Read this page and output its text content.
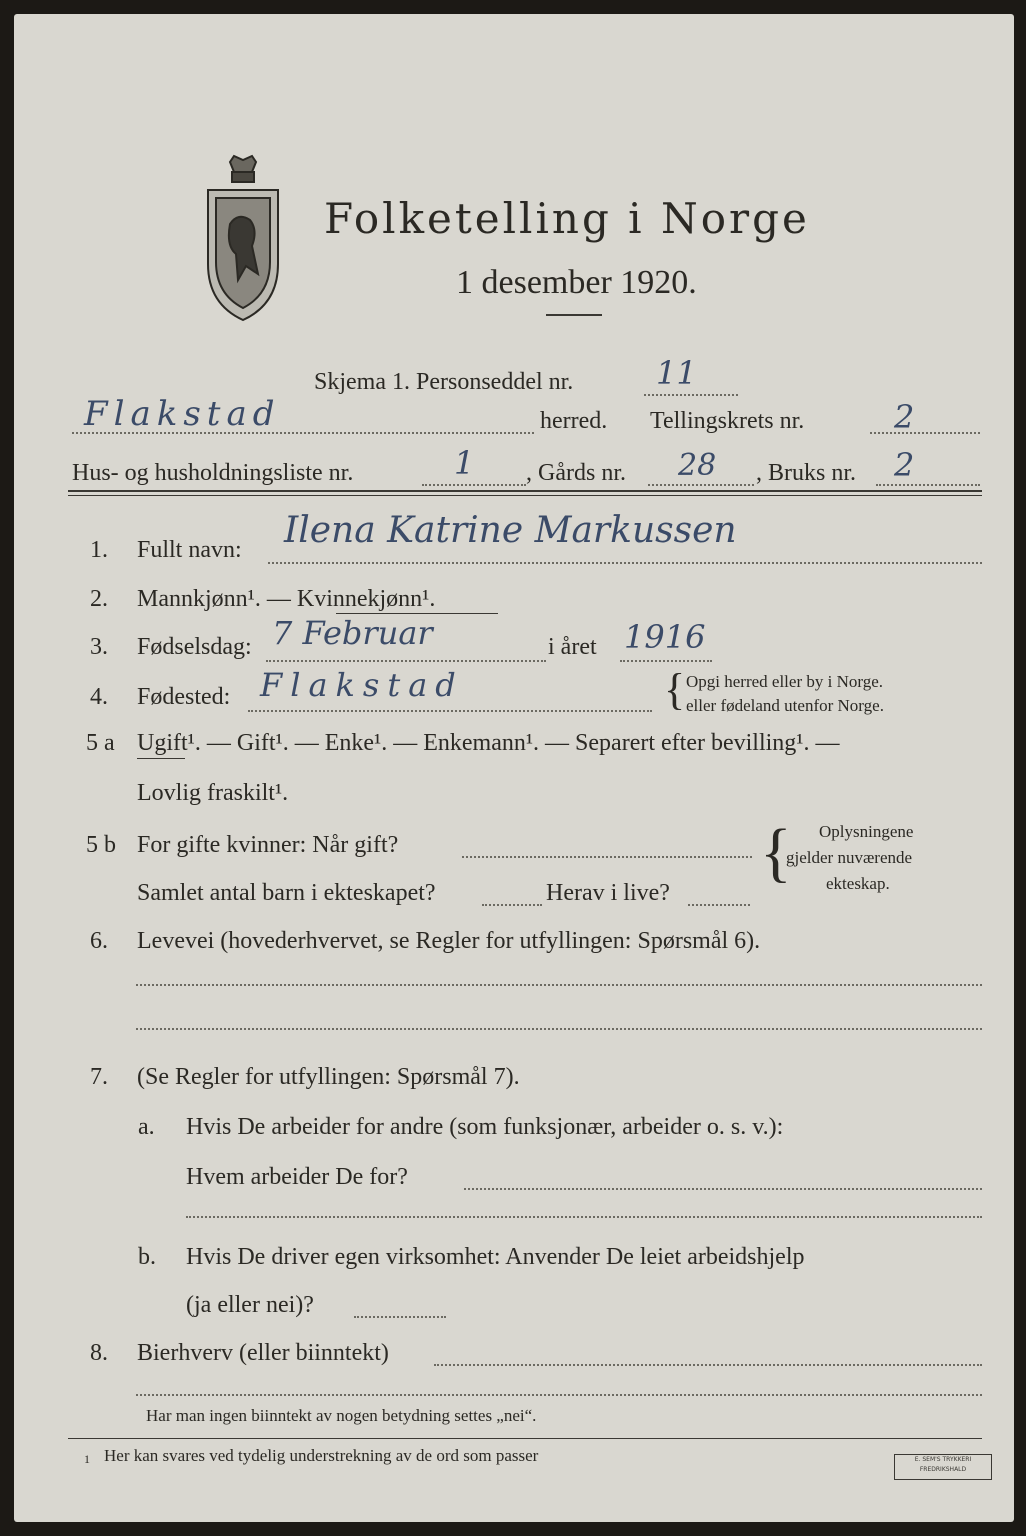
Folketelling i Norge
1 desember 1920.
Skjema 1. Personseddel nr.	11
Flakstad	herred. Tellingskrets nr.	2
Hus- og husholdningsliste nr.	1 , Gårds nr. 28 , Bruks nr. 2
1. Fullt navn: Ilena Katrine Markussen
2. Mannkjønn¹. — Kvinnekjønn¹.
3. Fødselsdag: 7 Februar	i året 1916
4. Fødested: Flakstad	{ Opgi herred eller by i Norge.
eller fødeland utenfor Norge.
5 a Ugift¹. — Gift¹. — Enke¹. — Enkemann¹. — Separert efter bevilling¹. —
Lovlig fraskilt¹.
5 b For gifte kvinner: Når gift?
Samlet antal barn i ekteskapet?	Herav i live?
{ Oplysningene
gjelder nuværende
ekteskap.
6. Levevei (hovederhvervet, se Regler for utfyllingen: Spørsmål 6).
7. (Se Regler for utfyllingen: Spørsmål 7).
a. Hvis De arbeider for andre (som funksjonær, arbeider o. s. v.):
Hvem arbeider De for?
b. Hvis De driver egen virksomhet: Anvender De leiet arbeidshjelp
(ja eller nei)?
8. Bierhverv (eller biinntekt)
Har man ingen biinntekt av nogen betydning settes „nei“.
1 Her kan svares ved tydelig understrekning av de ord som passer	E. SEM'S TRYKKERI
FREDRIKSHALD
